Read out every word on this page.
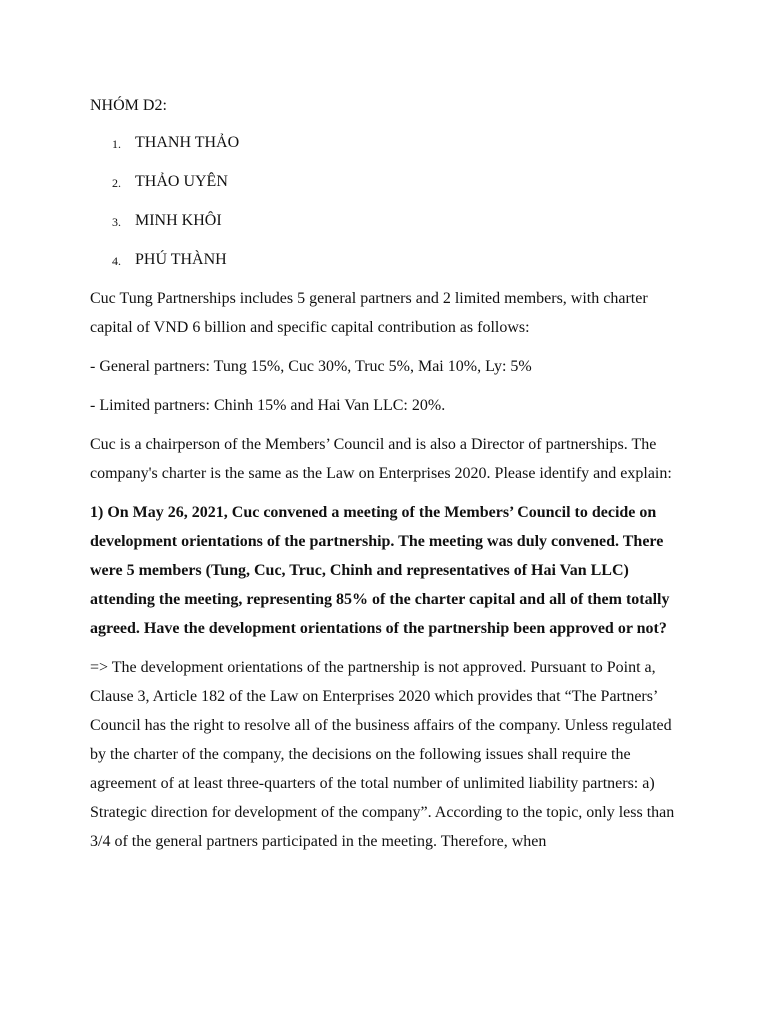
NHÓM D2:

1. THANH THẢO
2. THẢO UYÊN
3. MINH KHÔI
4. PHÚ THÀNH

Cuc Tung Partnerships includes 5 general partners and 2 limited members, with charter capital of VND 6 billion and specific capital contribution as follows:

- General partners: Tung 15%, Cuc 30%, Truc 5%, Mai 10%, Ly: 5%

- Limited partners: Chinh 15% and Hai Van LLC: 20%.

Cuc is a chairperson of the Members’ Council and is also a Director of partnerships. The company's charter is the same as the Law on Enterprises 2020. Please identify and explain:

1) On May 26, 2021, Cuc convened a meeting of the Members’ Council to decide on development orientations of the partnership. The meeting was duly convened. There were 5 members (Tung, Cuc, Truc, Chinh and representatives of Hai Van LLC) attending the meeting, representing 85% of the charter capital and all of them totally agreed. Have the development orientations of the partnership been approved or not?

=> The development orientations of the partnership is not approved. Pursuant to Point a, Clause 3, Article 182 of the Law on Enterprises 2020 which provides that “The Partners’ Council has the right to resolve all of the business affairs of the company. Unless regulated by the charter of the company, the decisions on the following issues shall require the agreement of at least three-quarters of the total number of unlimited liability partners: a) Strategic direction for development of the company”. According to the topic, only less than 3/4 of the general partners participated in the meeting. Therefore, when
